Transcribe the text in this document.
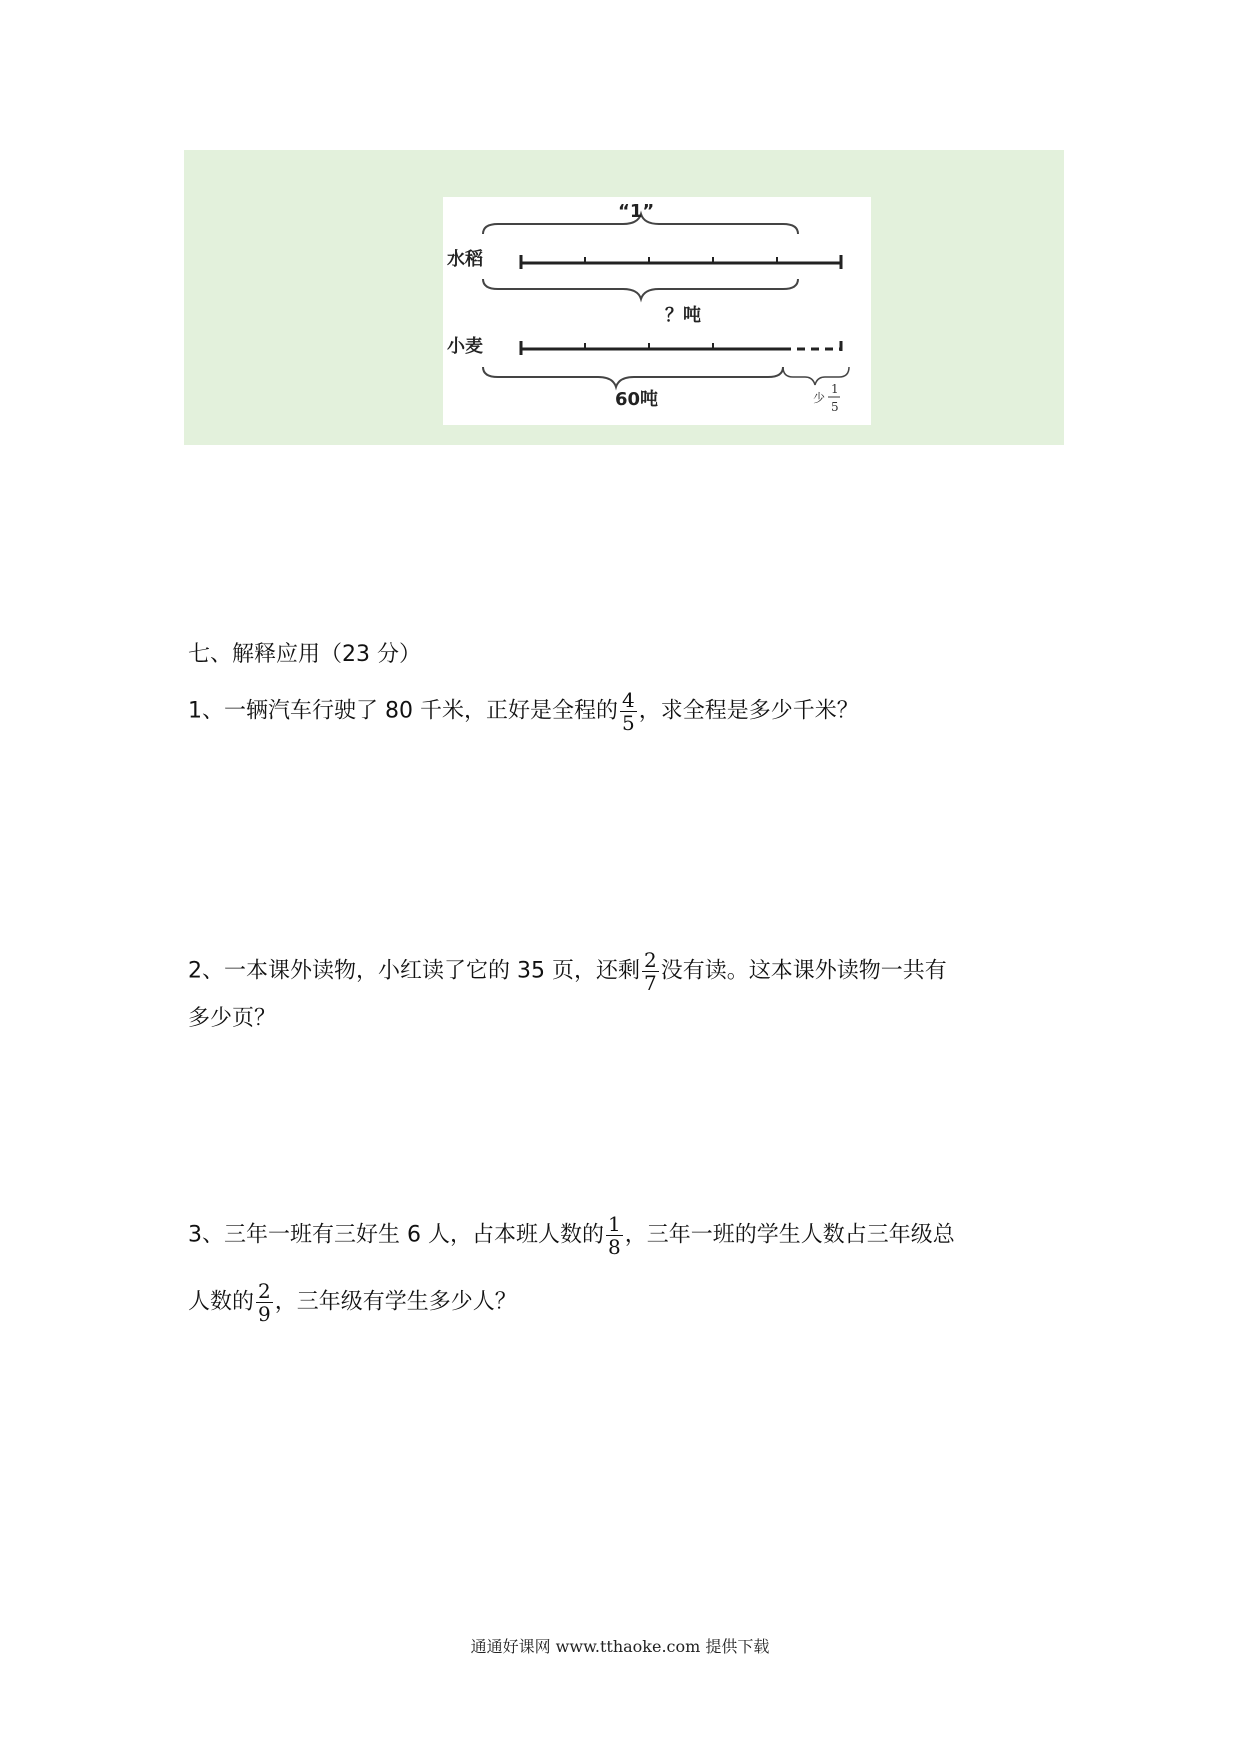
“1”
水稻
？吨
小麦
60吨	少
1
5
七、解释应用（23 分）
1、一辆汽车行驶了 80 千米，正好是全程的 $\frac{4}{5}$ ，求全程是多少千米？
2、一本课外读物，小红读了它的 35 页，还剩 $\frac{2}{7}$ 没有读。这本课外读物一共有
多少页？
3、三年一班有三好生 6 人，占本班人数的 $\frac{1}{8}$ ，三年一班的学生人数占三年级总
人数的 $\frac{2}{9}$ ，三年级有学生多少人？
通通好课网 www.tthaoke.com 提供下载
